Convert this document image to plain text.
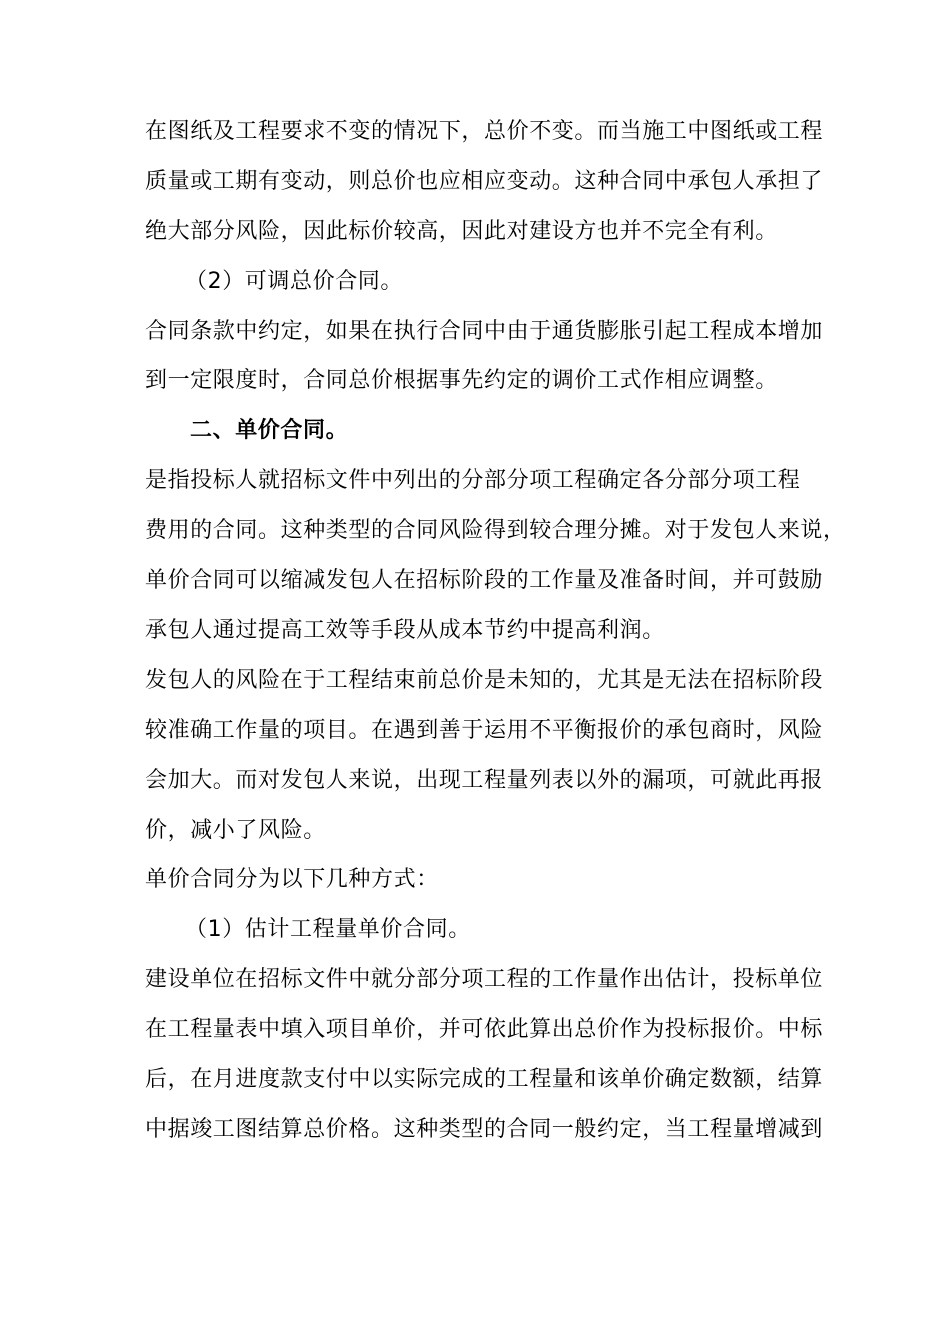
在图纸及工程要求不变的情况下，总价不变。而当施工中图纸或工程
质量或工期有变动，则总价也应相应变动。这种合同中承包人承担了
绝大部分风险，因此标价较高，因此对建设方也并不完全有利。
（2）可调总价合同。
合同条款中约定，如果在执行合同中由于通货膨胀引起工程成本增加
到一定限度时，合同总价根据事先约定的调价工式作相应调整。
二、单价合同。
是指投标人就招标文件中列出的分部分项工程确定各分部分项工程
费用的合同。这种类型的合同风险得到较合理分摊。对于发包人来说，
单价合同可以缩减发包人在招标阶段的工作量及准备时间，并可鼓励
承包人通过提高工效等手段从成本节约中提高利润。
发包人的风险在于工程结束前总价是未知的，尤其是无法在招标阶段
较准确工作量的项目。在遇到善于运用不平衡报价的承包商时，风险
会加大。而对发包人来说，出现工程量列表以外的漏项，可就此再报
价，减小了风险。
单价合同分为以下几种方式：
（1）估计工程量单价合同。
建设单位在招标文件中就分部分项工程的工作量作出估计，投标单位
在工程量表中填入项目单价，并可依此算出总价作为投标报价。中标
后，在月进度款支付中以实际完成的工程量和该单价确定数额，结算
中据竣工图结算总价格。这种类型的合同一般约定，当工程量增减到
